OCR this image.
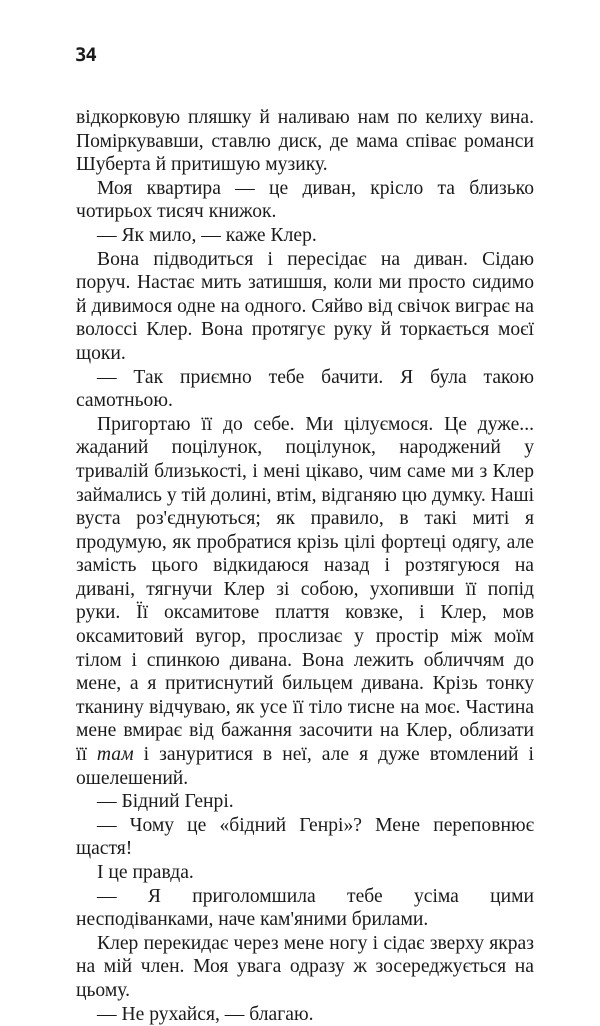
34

відкорковую пляшку й наливаю нам по келиху вина. Поміркувавши, ставлю диск, де мама співає романси Шуберта й притишую музику.

Моя квартира — це диван, крісло та близько чотирьох тисяч книжок.

— Як мило, — каже Клер.

Вона підводиться і пересідає на диван. Сідаю поруч. Настає мить затишшя, коли ми просто сидимо й дивимося одне на одного. Сяйво від свічок виграє на волоссі Клер. Вона протягує руку й торкається моєї щоки.

— Так приємно тебе бачити. Я була такою самотньою.

Пригортаю її до себе. Ми цілуємося. Це дуже... жаданий поцілунок, поцілунок, народжений у тривалій близькості, і мені цікаво, чим саме ми з Клер займались у тій долині, втім, відганяю цю думку. Наші вуста роз'єднуються; як правило, в такі миті я продумую, як пробратися крізь цілі фортеці одягу, але замість цього відкидаюся назад і розтягуюся на дивані, тягнучи Клер зі собою, ухопивши її попід руки. Її оксамитове плаття ковзке, і Клер, мов оксамитовий вугор, прослизає у простір між моїм тілом і спинкою дивана. Вона лежить обличчям до мене, а я притиснутий бильцем дивана. Крізь тонку тканину відчуваю, як усе її тіло тисне на моє. Частина мене вмирає від бажання засочити на Клер, облизати її там і зануритися в неї, але я дуже втомлений і ошелешений.

— Бідний Генрі.

— Чому це «бідний Генрі»? Мене переповнює щастя!

І це правда.

— Я приголомшила тебе усіма цими несподіванками, наче кам'яними брилами.

Клер перекидає через мене ногу і сідає зверху якраз на мій член. Моя увага одразу ж зосереджується на цьому.

— Не рухайся, — благаю.
